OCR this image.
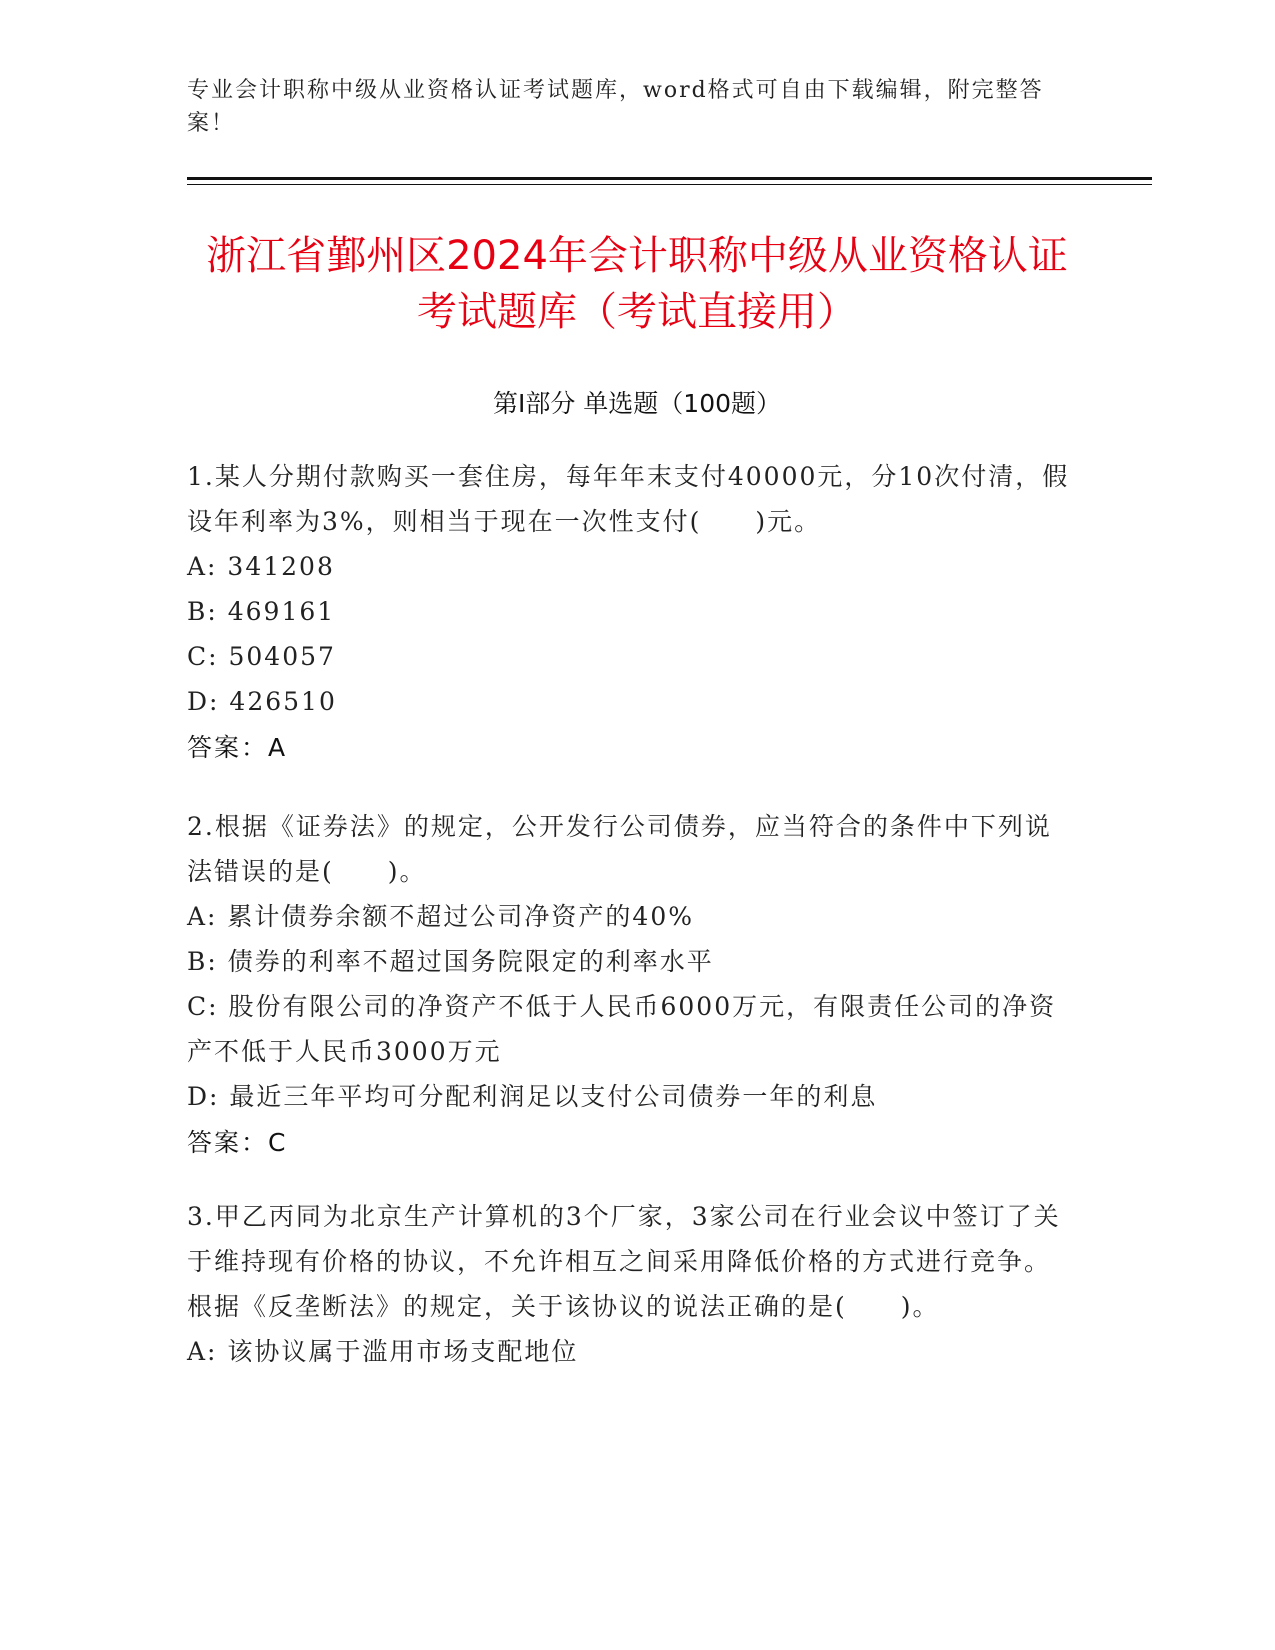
专业会计职称中级从业资格认证考试题库，word格式可自由下载编辑，附完整答案！
浙江省鄞州区2024年会计职称中级从业资格认证考试题库（考试直接用）
第Ⅰ部分 单选题（100题）

1.某人分期付款购买一套住房，每年年末支付40000元，分10次付清，假设年利率为3%，则相当于现在一次性支付(　　)元。

A: 341208
B: 469161
C: 504057
D: 426510
答案：A

2.根据《证券法》的规定，公开发行公司债券，应当符合的条件中下列说法错误的是(　　)。

A: 累计债券余额不超过公司净资产的40%
B: 债券的利率不超过国务院限定的利率水平
C: 股份有限公司的净资产不低于人民币6000万元，有限责任公司的净资产不低于人民币3000万元
D: 最近三年平均可分配利润足以支付公司债券一年的利息
答案：C

3.甲乙丙同为北京生产计算机的3个厂家，3家公司在行业会议中签订了关于维持现有价格的协议，不允许相互之间采用降低价格的方式进行竞争。根据《反垄断法》的规定，关于该协议的说法正确的是(　　)。

A: 该协议属于滥用市场支配地位
